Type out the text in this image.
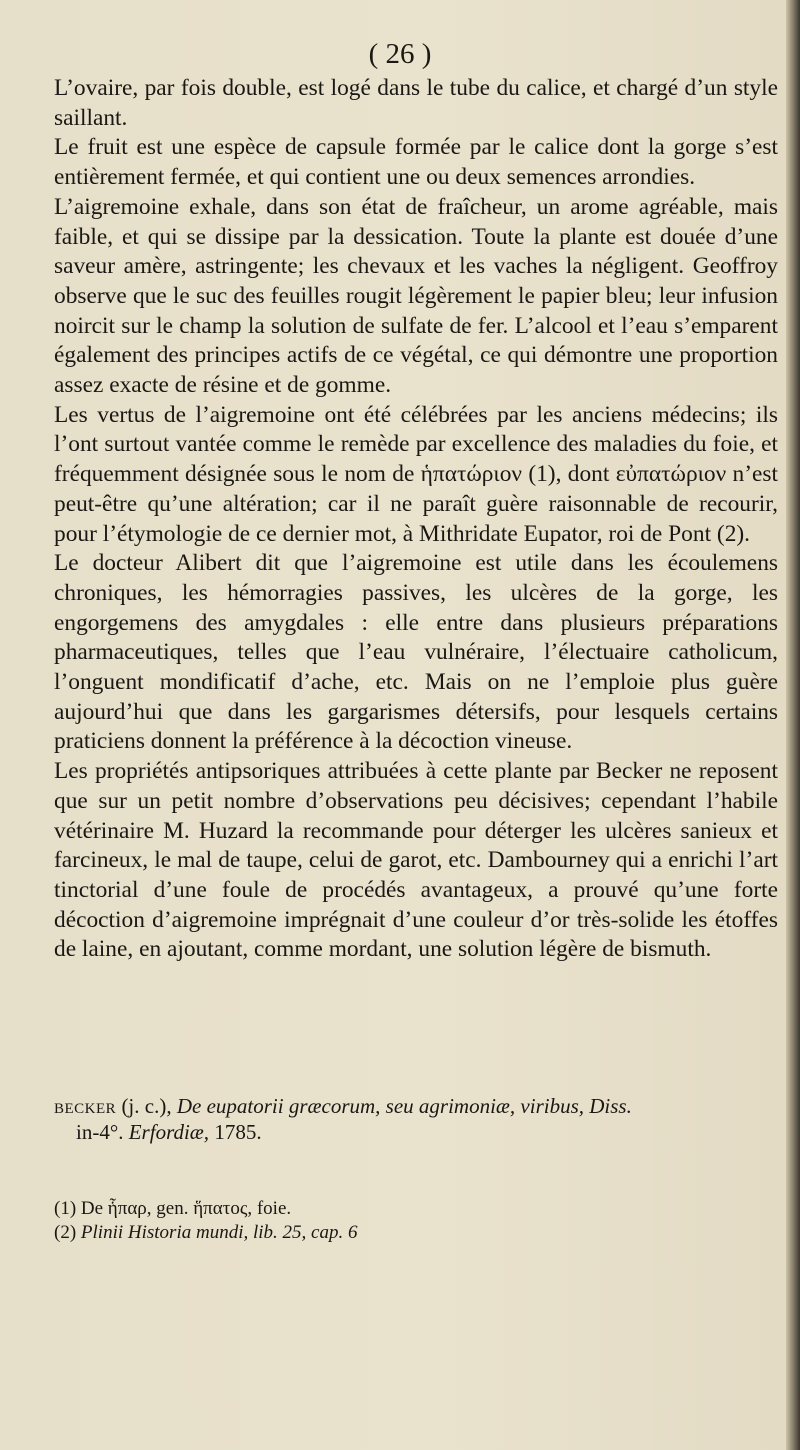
( 26 )

L’ovaire, par fois double, est logé dans le tube du calice, et chargé d’un style saillant.

Le fruit est une espèce de capsule formée par le calice dont la gorge s’est entièrement fermée, et qui contient une ou deux semences arrondies.

L’aigremoine exhale, dans son état de fraîcheur, un arome agréable, mais faible, et qui se dissipe par la dessication. Toute la plante est douée d’une saveur amère, astringente; les chevaux et les vaches la négligent. Geoffroy observe que le suc des feuilles rougit légèrement le papier bleu; leur infusion noircit sur le champ la solution de sulfate de fer. L’alcool et l’eau s’emparent également des principes actifs de ce végétal, ce qui démontre une proportion assez exacte de résine et de gomme.

Les vertus de l’aigremoine ont été célébrées par les anciens médecins; ils l’ont surtout vantée comme le remède par excellence des maladies du foie, et fréquemment désignée sous le nom de ἡπατώριον (1), dont εὐπατώριον n’est peut-être qu’une altération; car il ne paraît guère raisonnable de recourir, pour l’étymologie de ce dernier mot, à Mithridate Eupator, roi de Pont (2).

Le docteur Alibert dit que l’aigremoine est utile dans les écoulemens chroniques, les hémorragies passives, les ulcères de la gorge, les engorgemens des amygdales : elle entre dans plusieurs préparations pharmaceutiques, telles que l’eau vulnéraire, l’électuaire catholicum, l’onguent mondificatif d’ache, etc. Mais on ne l’emploie plus guère aujourd’hui que dans les gargarismes détersifs, pour lesquels certains praticiens donnent la préférence à la décoction vineuse.

Les propriétés antipsoriques attribuées à cette plante par Becker ne reposent que sur un petit nombre d’observations peu décisives; cependant l’habile vétérinaire M. Huzard la recommande pour déterger les ulcères sanieux et farcineux, le mal de taupe, celui de garot, etc. Dambourney qui a enrichi l’art tinctorial d’une foule de procédés avantageux, a prouvé qu’une forte décoction d’aigremoine imprégnait d’une couleur d’or très-solide les étoffes de laine, en ajoutant, comme mordant, une solution légère de bismuth.

becker (j. c.), De eupatorii græcorum, seu agrimoniæ, viribus, Diss.
in-4°. Erfordiæ, 1785.
(1) De ἧπαρ, gen. ἥπατος, foie.
(2) Plinii Historia mundi, lib. 25, cap. 6
